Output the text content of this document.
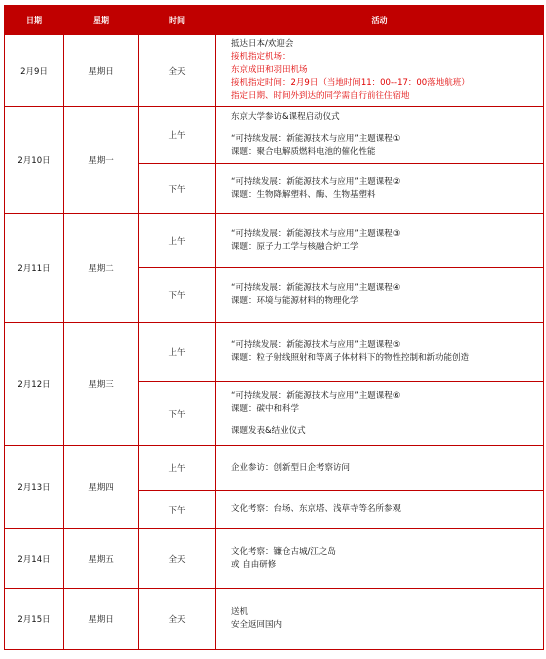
日期	星期	时间	活动
2月9日	星期日	全天	抵达日本/欢迎会
接机指定机场：
东京成田和羽田机场
接机指定时间：2月9日（当地时间11：00--17：00落地航班）
指定日期、时间外到达的同学需自行前往住宿地

2月10日	星期一	上午	东京大学参访&课程启动仪式
“可持续发展：新能源技术与应用”主题课程①
课题：聚合电解质燃料电池的催化性能

		下午	“可持续发展：新能源技术与应用”主题课程②
课题：生物降解塑料、酶、生物基塑料

2月11日	星期二	上午	“可持续发展：新能源技术与应用”主题课程③
课题：原子力工学与核融合炉工学

		下午	“可持续发展：新能源技术与应用”主题课程④
课题：环境与能源材料的物理化学

2月12日	星期三	上午	“可持续发展：新能源技术与应用”主题课程⑤
课题：粒子射线照射和等离子体材料下的物性控制和新功能创造

		下午	“可持续发展：新能源技术与应用”主题课程⑥
课题：碳中和科学
课题发表&结业仪式

2月13日	星期四	上午	企业参访：创新型日企考察访问

		下午	文化考察：台场、东京塔、浅草寺等名所参观

2月14日	星期五	全天	文化考察：镰仓古城/江之岛
或 自由研修

2月15日	星期日	全天	送机
安全返回国内
